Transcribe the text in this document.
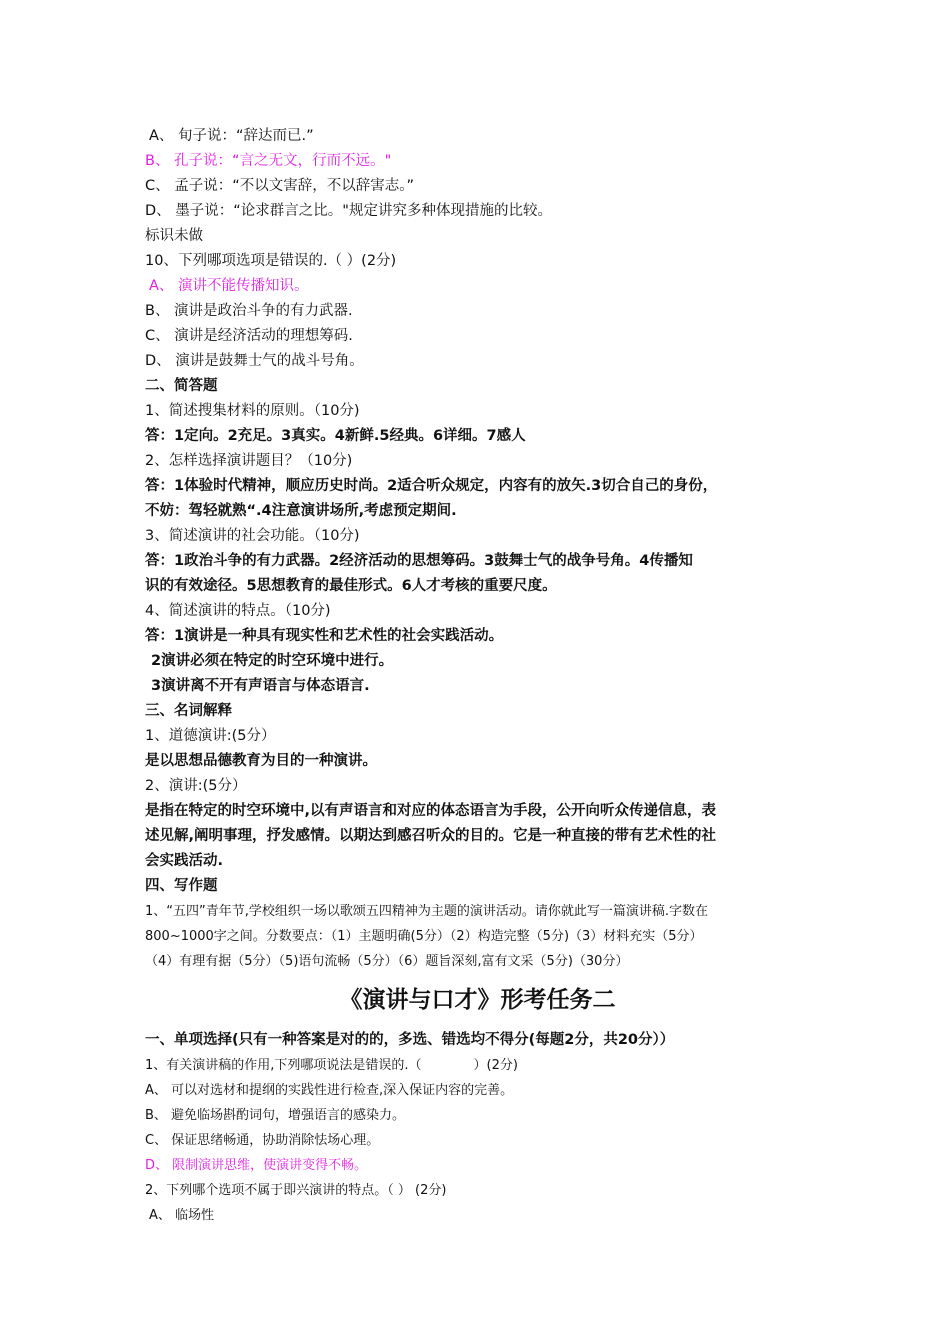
A、 旬子说：“辞达而已.”

B、 孔子说：“言之无文，行而不远。"

C、 孟子说：“不以文害辞，不以辞害志。”

D、 墨子说：“论求群言之比。"规定讲究多种体现措施的比较。

标识未做

10、下列哪项选项是错误的.（ ）(2分)

A、 演讲不能传播知识。

B、 演讲是政治斗争的有力武器.

C、 演讲是经济活动的理想筹码.

D、 演讲是鼓舞士气的战斗号角。

二、简答题

1、简述搜集材料的原则。（10分)

答：1定向。2充足。3真实。4新鲜.5经典。6详细。7感人

2、怎样选择演讲题目？（10分)

答：1体验时代精神，顺应历史时尚。2适合听众规定，内容有的放矢.3切合自己的身份，

不妨：驾轻就熟“.4注意演讲场所,考虑预定期间.

3、简述演讲的社会功能。（10分)

答：1政治斗争的有力武器。2经济活动的思想筹码。3鼓舞士气的战争号角。4传播知

识的有效途径。5思想教育的最佳形式。6人才考核的重要尺度。

4、简述演讲的特点。（10分)

答：1演讲是一种具有现实性和艺术性的社会实践活动。

2演讲必须在特定的时空环境中进行。

3演讲离不开有声语言与体态语言.

三、名词解释

1、道德演讲:(5分）

是以思想品德教育为目的一种演讲。

2、演讲:(5分）

是指在特定的时空环境中,以有声语言和对应的体态语言为手段，公开向听众传递信息，表

述见解,阐明事理，抒发感情。以期达到感召听众的目的。它是一种直接的带有艺术性的社

会实践活动.

四、写作题

1、“五四”青年节,学校组织一场以歌颂五四精神为主题的演讲活动。请你就此写一篇演讲稿.字数在

800~1000字之间。分数要点：（1）主题明确(5分）（2）构造完整（5分)（3）材料充实（5分）

（4）有理有据（5分）（5)语句流畅（5分）（6）题旨深刻,富有文采（5分)（30分）

《演讲与口才》形考任务二

一、单项选择(只有一种答案是对的的，多选、错选均不得分(每题2分，共20分））

1、有关演讲稿的作用,下列哪项说法是错误的.（　　　　）(2分)

A、 可以对选材和提纲的实践性进行检查,深入保证内容的完善。

B、 避免临场斟酌词句，增强语言的感染力。

C、 保证思绪畅通，协助消除怯场心理。

D、 限制演讲思维，使演讲变得不畅。

2、下列哪个选项不属于即兴演讲的特点。（ ） (2分)

A、 临场性
